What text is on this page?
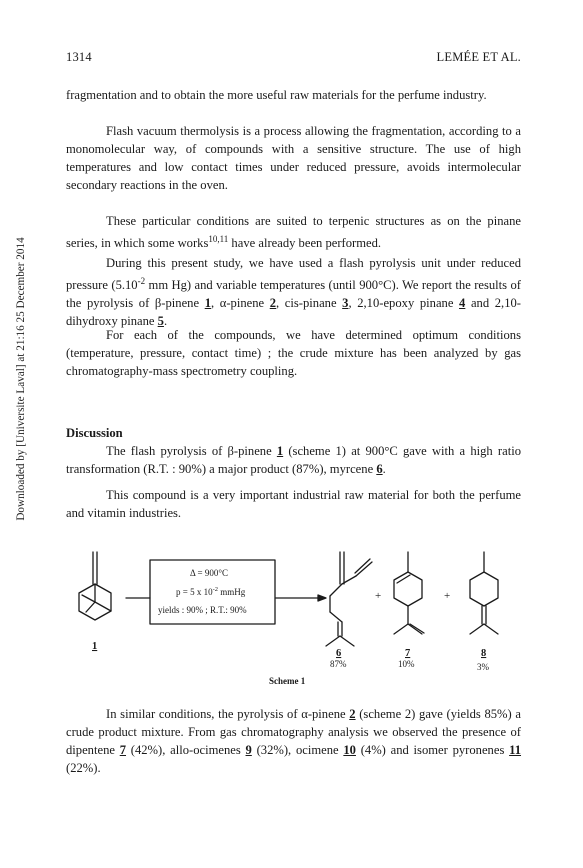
1314	LEMÉE ET AL.
Downloaded by [Universite Laval] at 21:16 25 December 2014

fragmentation and to obtain the more useful raw materials for the perfume industry.

Flash vacuum thermolysis is a process allowing the fragmentation, according to a monomolecular way, of compounds with a sensitive structure. The use of high temperatures and low contact times under reduced pressure, avoids intermolecular secondary reactions in the oven.

These particular conditions are suited to terpenic structures as on the pinane series, in which some works$^{10,11}$ have already been performed.

During this present study, we have used a flash pyrolysis unit under reduced pressure ($5.10^{-2}$ mm Hg) and variable temperatures (until 900°C). We report the results of the pyrolysis of β-pinene 1, α-pinene 2, cis-pinane 3, 2,10-epoxy pinane 4 and 2,10-dihydroxy pinane 5.

For each of the compounds, we have determined optimum conditions (temperature, pressure, contact time) ; the crude mixture has been analyzed by gas chromatography-mass spectrometry coupling.

Discussion

The flash pyrolysis of β-pinene 1 (scheme 1) at 900°C gave with a high ratio transformation (R.T. : 90%) a major product (87%), myrcene 6.

This compound is a very important industrial raw material for both the perfume and vitamin industries.

Δ = 900°C
p = 5 x $10^{-2}$ mmHg
yields : 90% ; R.T.: 90%
+	+
1
6	7	8
87%	10%	3%
Scheme 1

In similar conditions, the pyrolysis of α-pinene 2 (scheme 2) gave (yields 85%) a crude product mixture. From gas chromatography analysis we observed the presence of dipentene 7 (42%), allo-ocimenes 9 (32%), ocimene 10 (4%) and isomer pyronenes 11 (22%).
